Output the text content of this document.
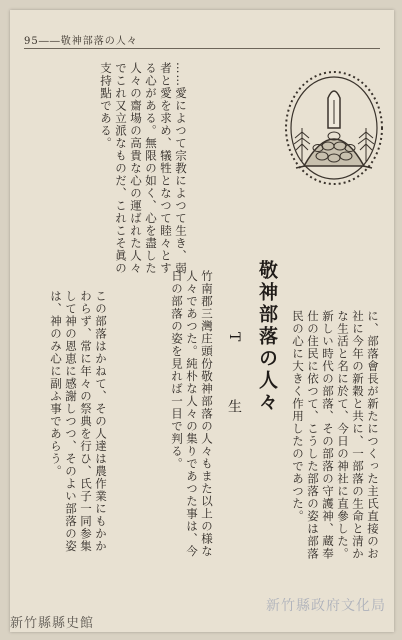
95――敬神部落の人々
敬神部落の人々
T　生	に、部落會長が新たにつくった主氏直接のお社に今年の新穀と共に、一部落の生命と清かな生活と名に於て、今日の神社に直參した。新しい時代の部落、その部落の守護神、蔵奉仕の住民に依つて、こうした部落の姿は部落民の心に大きく作用したのであつた。
竹南郡三灣庄頭份敬神部落の人々もまた以上の様な人々であつた。純朴な人々の集りであつた事は、今日の部落の姿を見れば一目で判る。
……愛によつて宗教によつて生き、弱者と愛を求め、犠牲となつて睦々とする心がある。無限の如く、心を盡した人々の齋場の高貴な心の運ばれた人々でこれ又立派なものだ、これこそ眞の支持點である。
この部落はかねて、その人達は農作業にもかかわらず、常に年々の祭典を行ひ、氏子一同参集して神の恩恵に感謝しつつ、そのよい部落の姿は、神のみ心に副ふ事であらう。
新竹縣縣史館
新竹縣政府文化局
